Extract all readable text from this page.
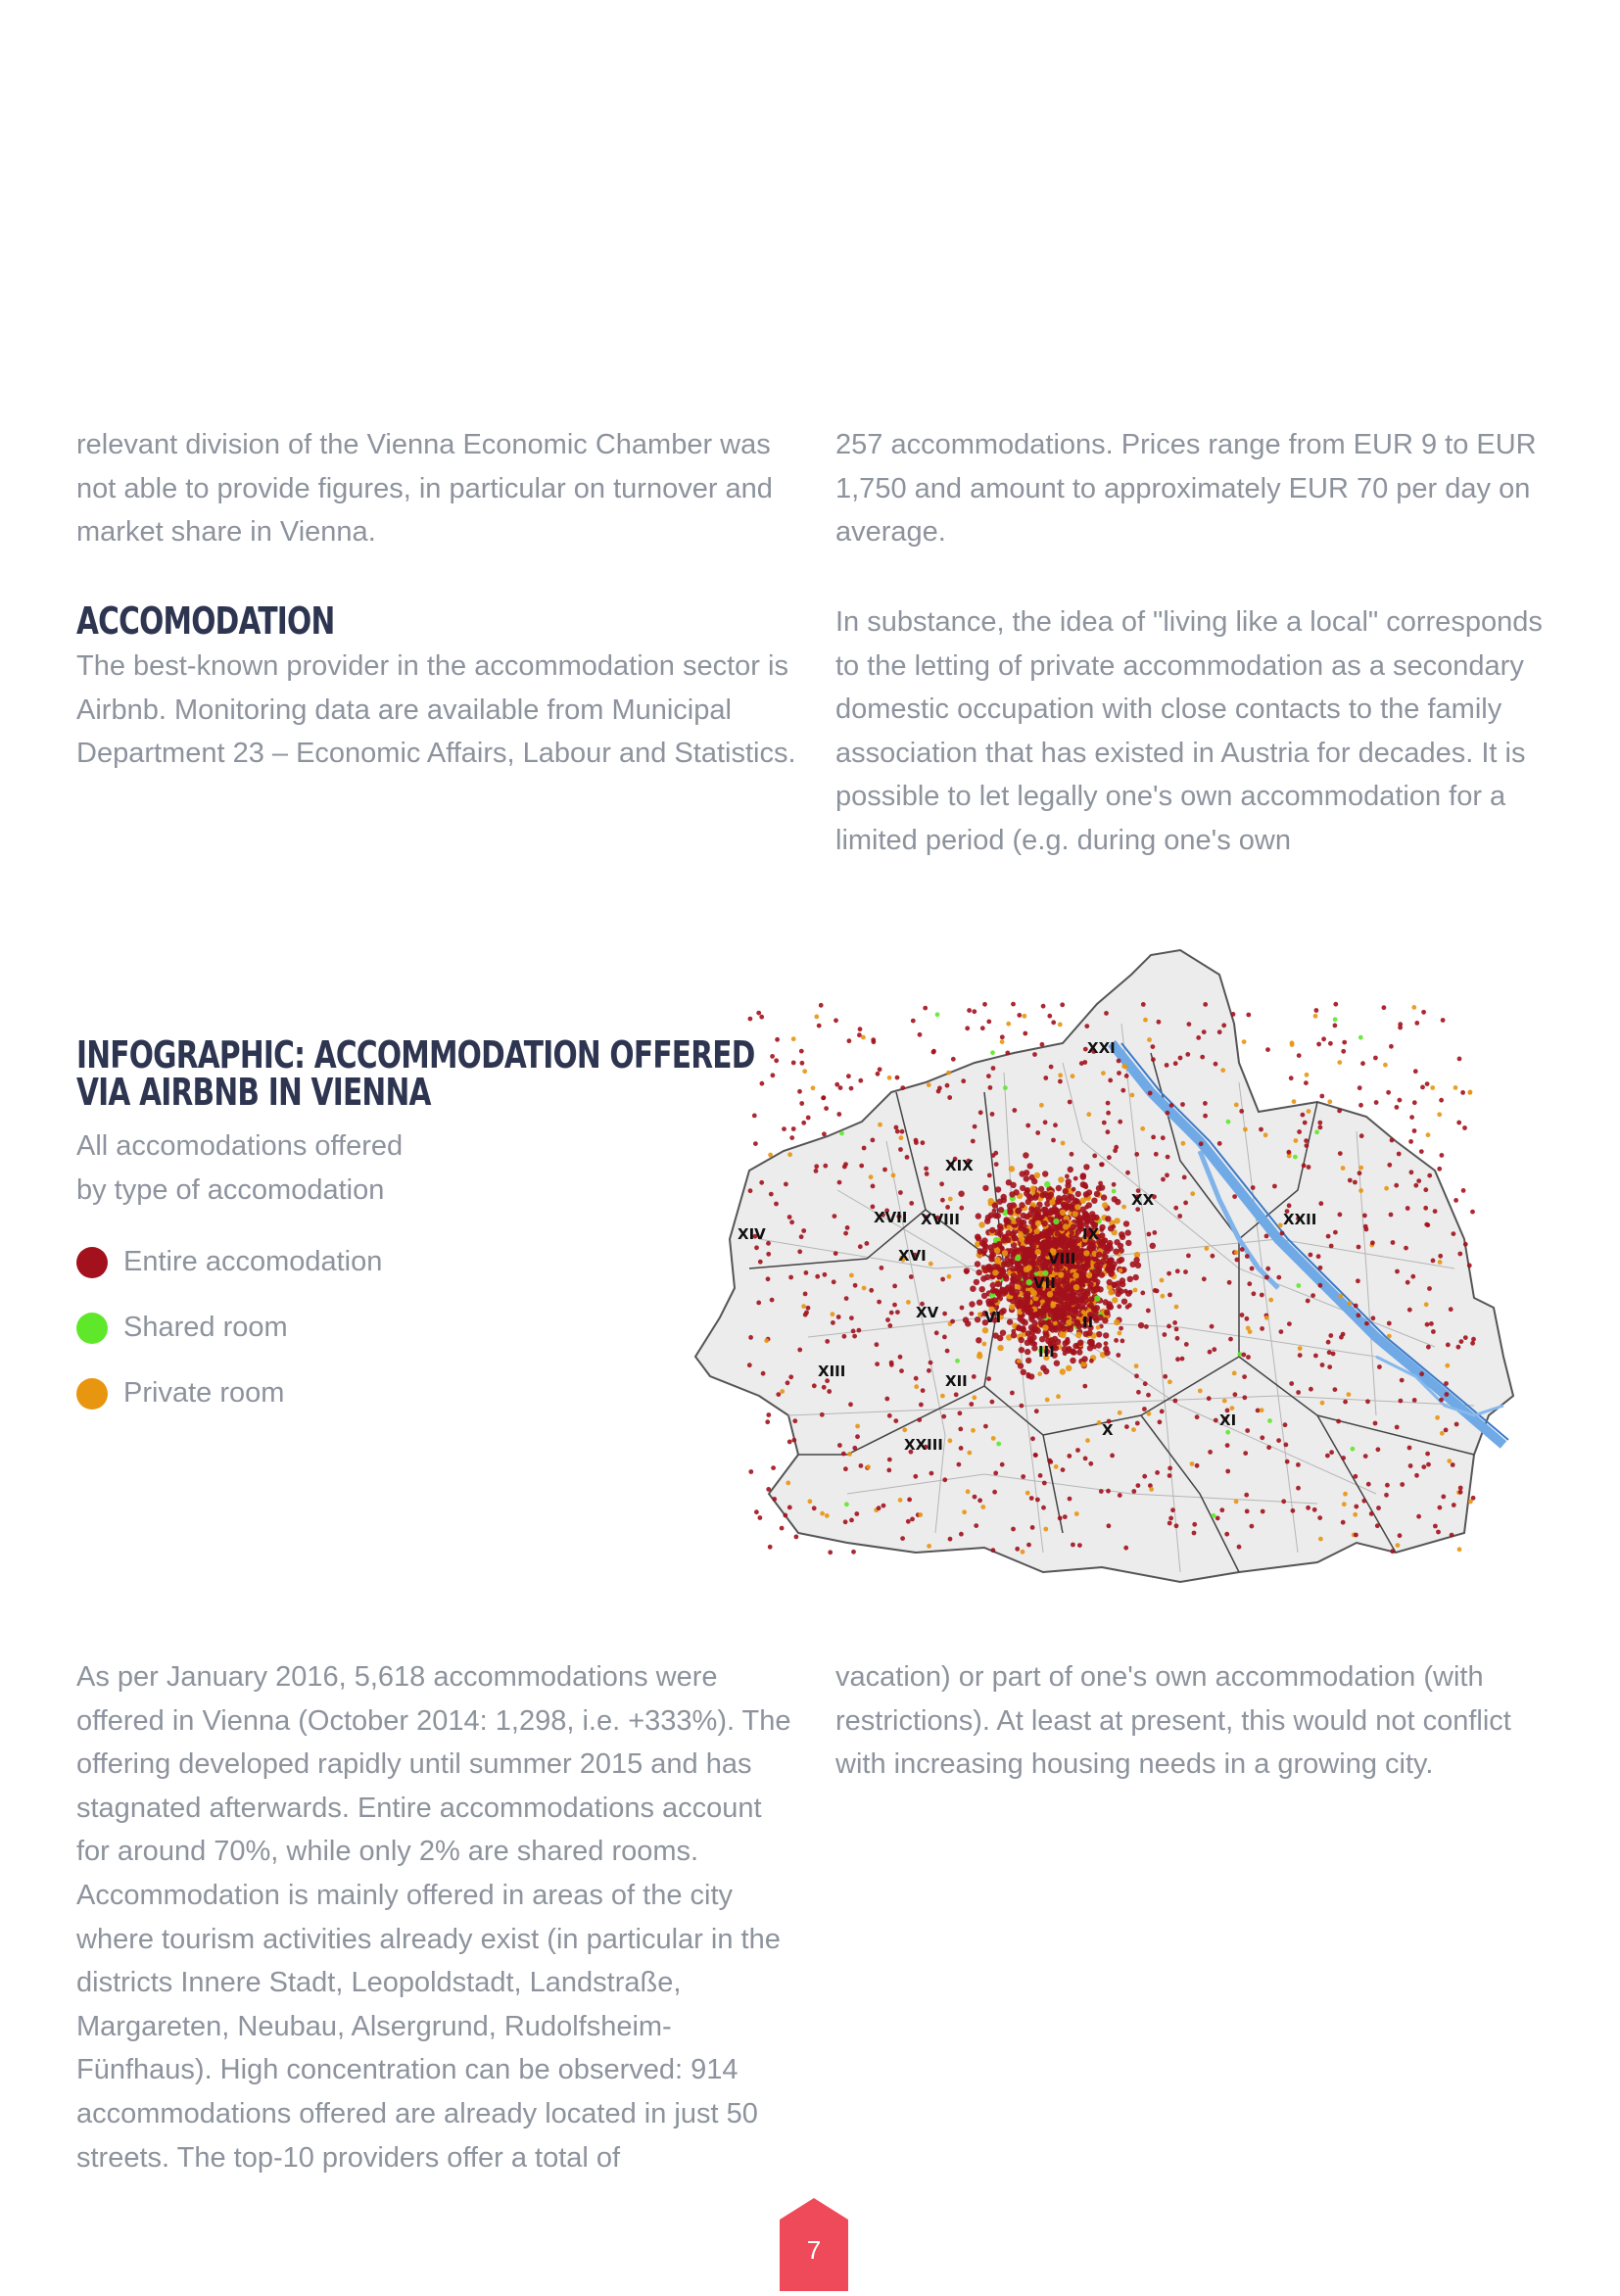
relevant division of the Vienna Economic Chamber was not able to provide figures, in particular on turnover and market share in Vienna.

ACCOMODATION

The best-known provider in the accommodation sector is Airbnb. Monitoring data are available from Municipal Department 23 – Economic Affairs, Labour and Statistics.

257 accommodations. Prices range from EUR 9 to EUR 1,750 and amount to approximately EUR 70 per day on average.

In substance, the idea of "living like a local" corresponds to the letting of private accommodation as a secondary domestic occupation with close contacts to the family association that has existed in Austria for decades. It is possible to let legally one's own accommodation for a limited period (e.g. during one's own

INFOGRAPHIC: ACCOMMODATION OFFERED
VIA AIRBNB IN VIENNA
All accomodations offered
by type of accomodation
Entire accomodation
Shared room
Private room
XXI
XIX
XX
XVIII
XVII
IX
XXII
XIV
XVI	VIII
VII
II
XV	VI
III
XIII
XII
XI
X
XXIII

As per January 2016, 5,618 accommodations were offered in Vienna (October 2014: 1,298, i.e. +333%). The offering developed rapidly until summer 2015 and has stagnated afterwards. Entire accommodations account for around 70%, while only 2% are shared rooms. Accommodation is mainly offered in areas of the city where tourism activities already exist (in particular in the districts Innere Stadt, Leopoldstadt, Landstraße, Margareten, Neubau, Alsergrund, Rudolfsheim-Fünfhaus). High concentration can be observed: 914 accommodations offered are already located in just 50 streets. The top-10 providers offer a total of

vacation) or part of one's own accommodation (with restrictions). At least at present, this would not conflict with increasing housing needs in a growing city.

7
